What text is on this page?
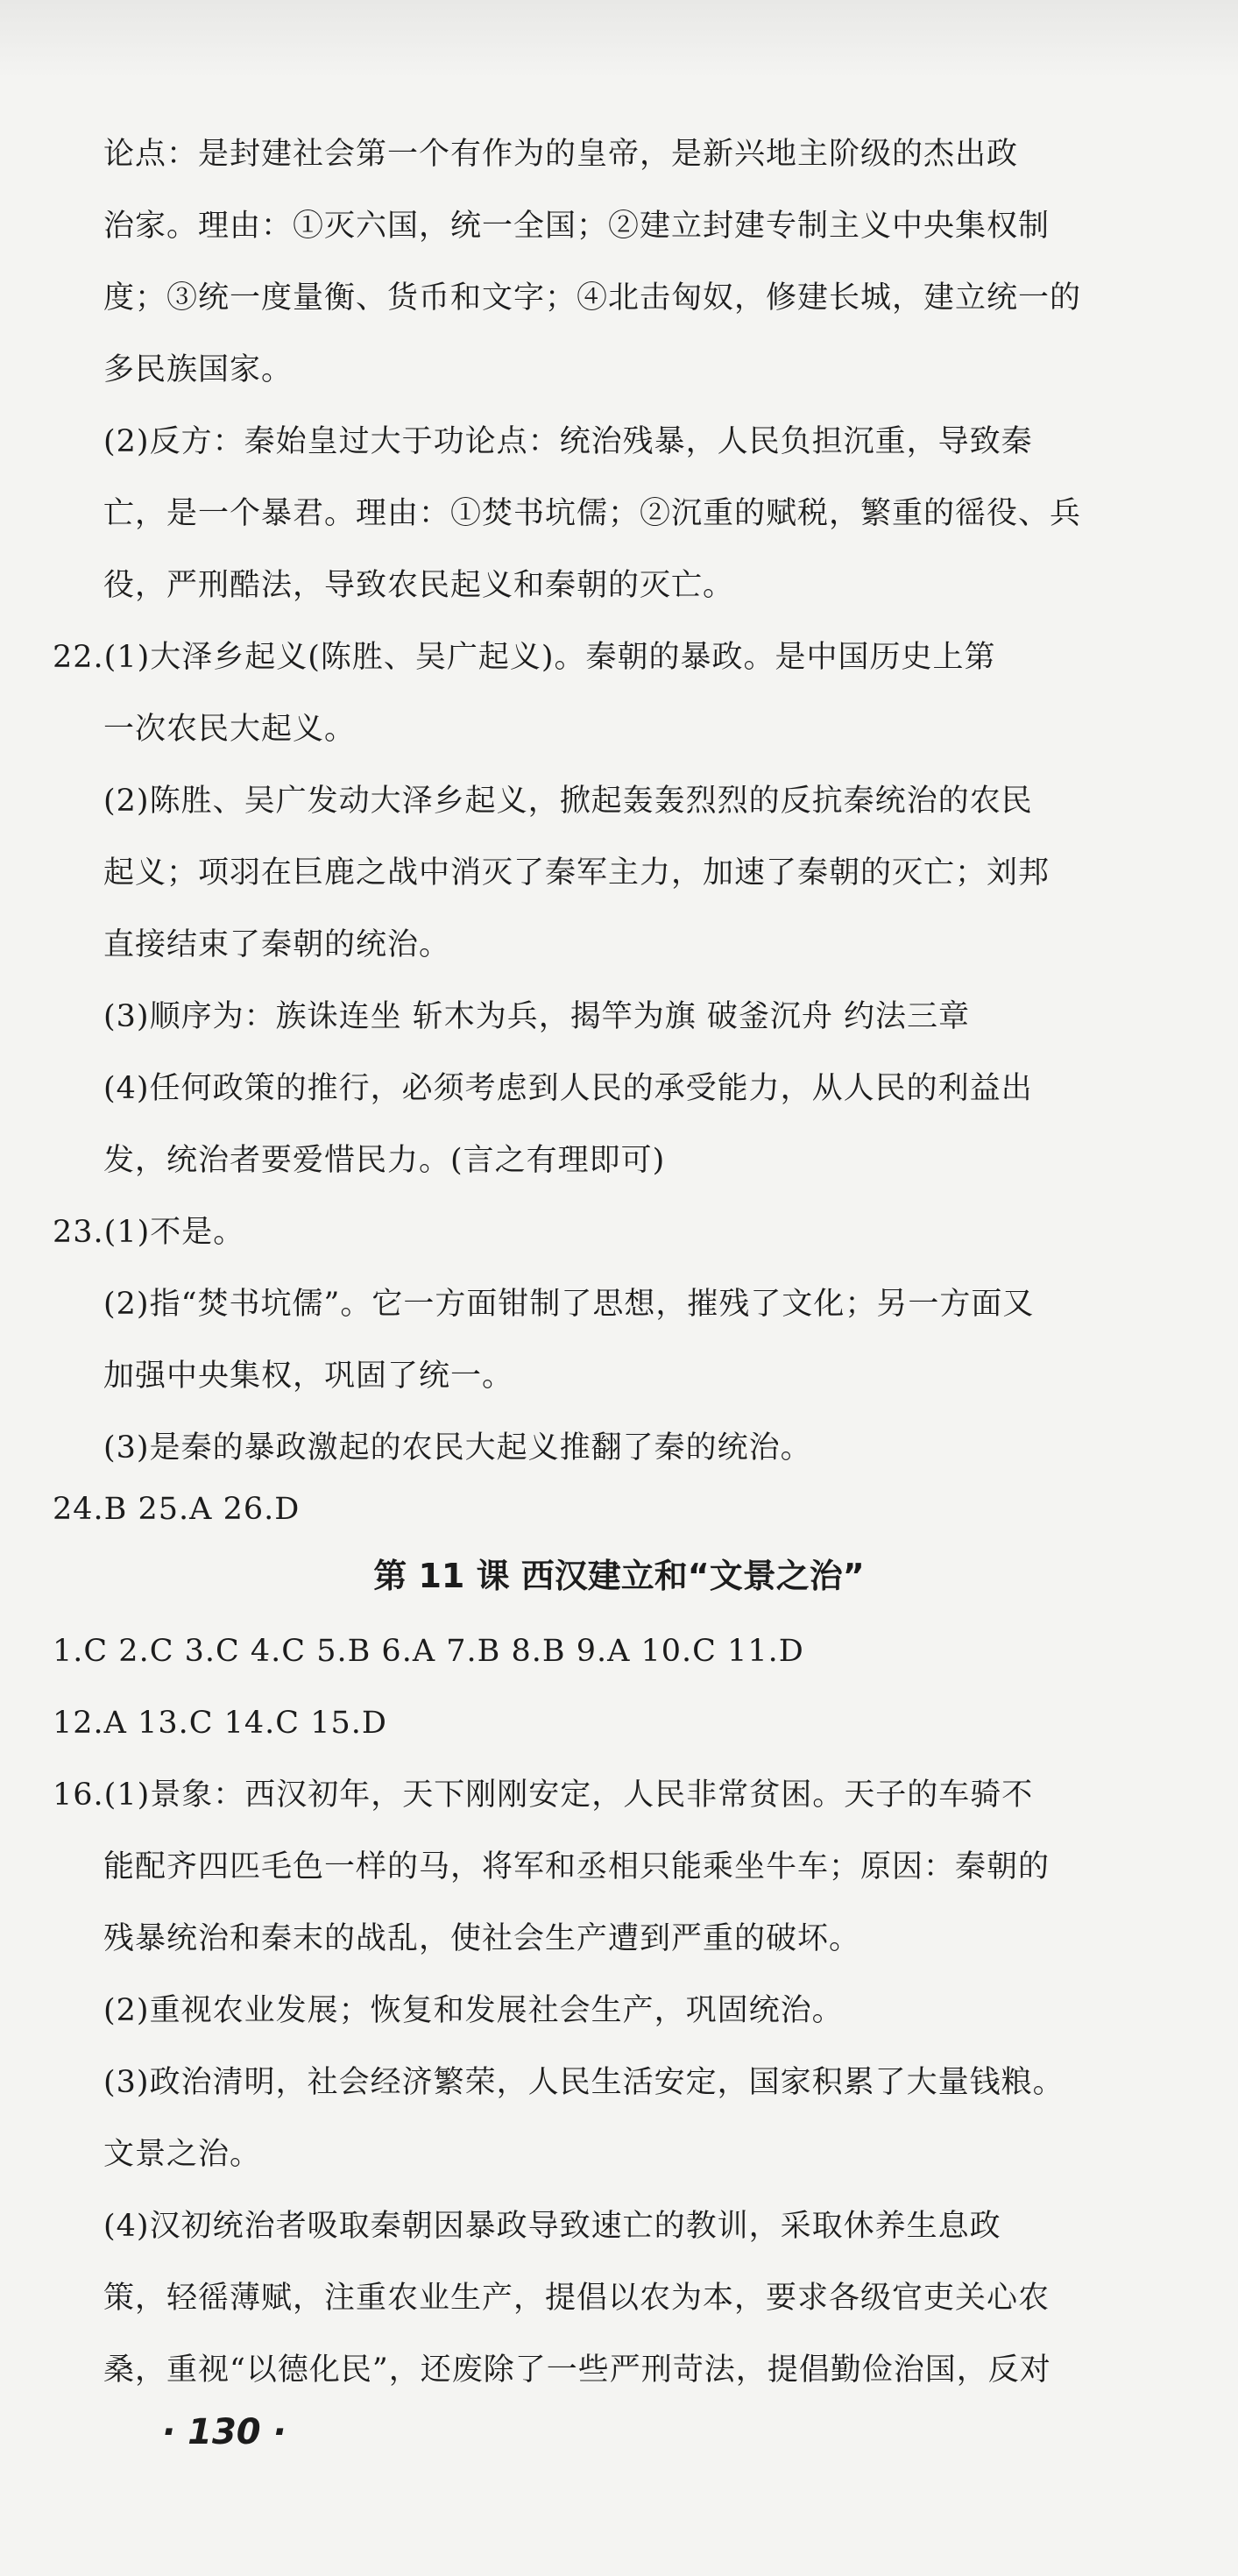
论点：是封建社会第一个有作为的皇帝，是新兴地主阶级的杰出政
治家。理由：①灭六国，统一全国；②建立封建专制主义中央集权制
度；③统一度量衡、货币和文字；④北击匈奴，修建长城，建立统一的
多民族国家。
(2)反方：秦始皇过大于功论点：统治残暴，人民负担沉重，导致秦
亡，是一个暴君。理由：①焚书坑儒；②沉重的赋税，繁重的徭役、兵
役，严刑酷法，导致农民起义和秦朝的灭亡。
22.(1)大泽乡起义(陈胜、吴广起义)。秦朝的暴政。是中国历史上第
一次农民大起义。
(2)陈胜、吴广发动大泽乡起义，掀起轰轰烈烈的反抗秦统治的农民
起义；项羽在巨鹿之战中消灭了秦军主力，加速了秦朝的灭亡；刘邦
直接结束了秦朝的统治。
(3)顺序为：族诛连坐 斩木为兵，揭竿为旗 破釜沉舟 约法三章
(4)任何政策的推行，必须考虑到人民的承受能力，从人民的利益出
发，统治者要爱惜民力。(言之有理即可)
23.(1)不是。
(2)指“焚书坑儒”。它一方面钳制了思想，摧残了文化；另一方面又
加强中央集权，巩固了统一。
(3)是秦的暴政激起的农民大起义推翻了秦的统治。
24.B 25.A 26.D
第 11 课 西汉建立和“文景之治”
1.C 2.C 3.C 4.C 5.B 6.A 7.B 8.B 9.A 10.C 11.D
12.A 13.C 14.C 15.D
16.(1)景象：西汉初年，天下刚刚安定，人民非常贫困。天子的车骑不
能配齐四匹毛色一样的马，将军和丞相只能乘坐牛车；原因：秦朝的
残暴统治和秦末的战乱，使社会生产遭到严重的破坏。
(2)重视农业发展；恢复和发展社会生产，巩固统治。
(3)政治清明，社会经济繁荣，人民生活安定，国家积累了大量钱粮。
文景之治。
(4)汉初统治者吸取秦朝因暴政导致速亡的教训，采取休养生息政
策，轻徭薄赋，注重农业生产，提倡以农为本，要求各级官吏关心农
桑，重视“以德化民”，还废除了一些严刑苛法，提倡勤俭治国，反对
· 130 ·
